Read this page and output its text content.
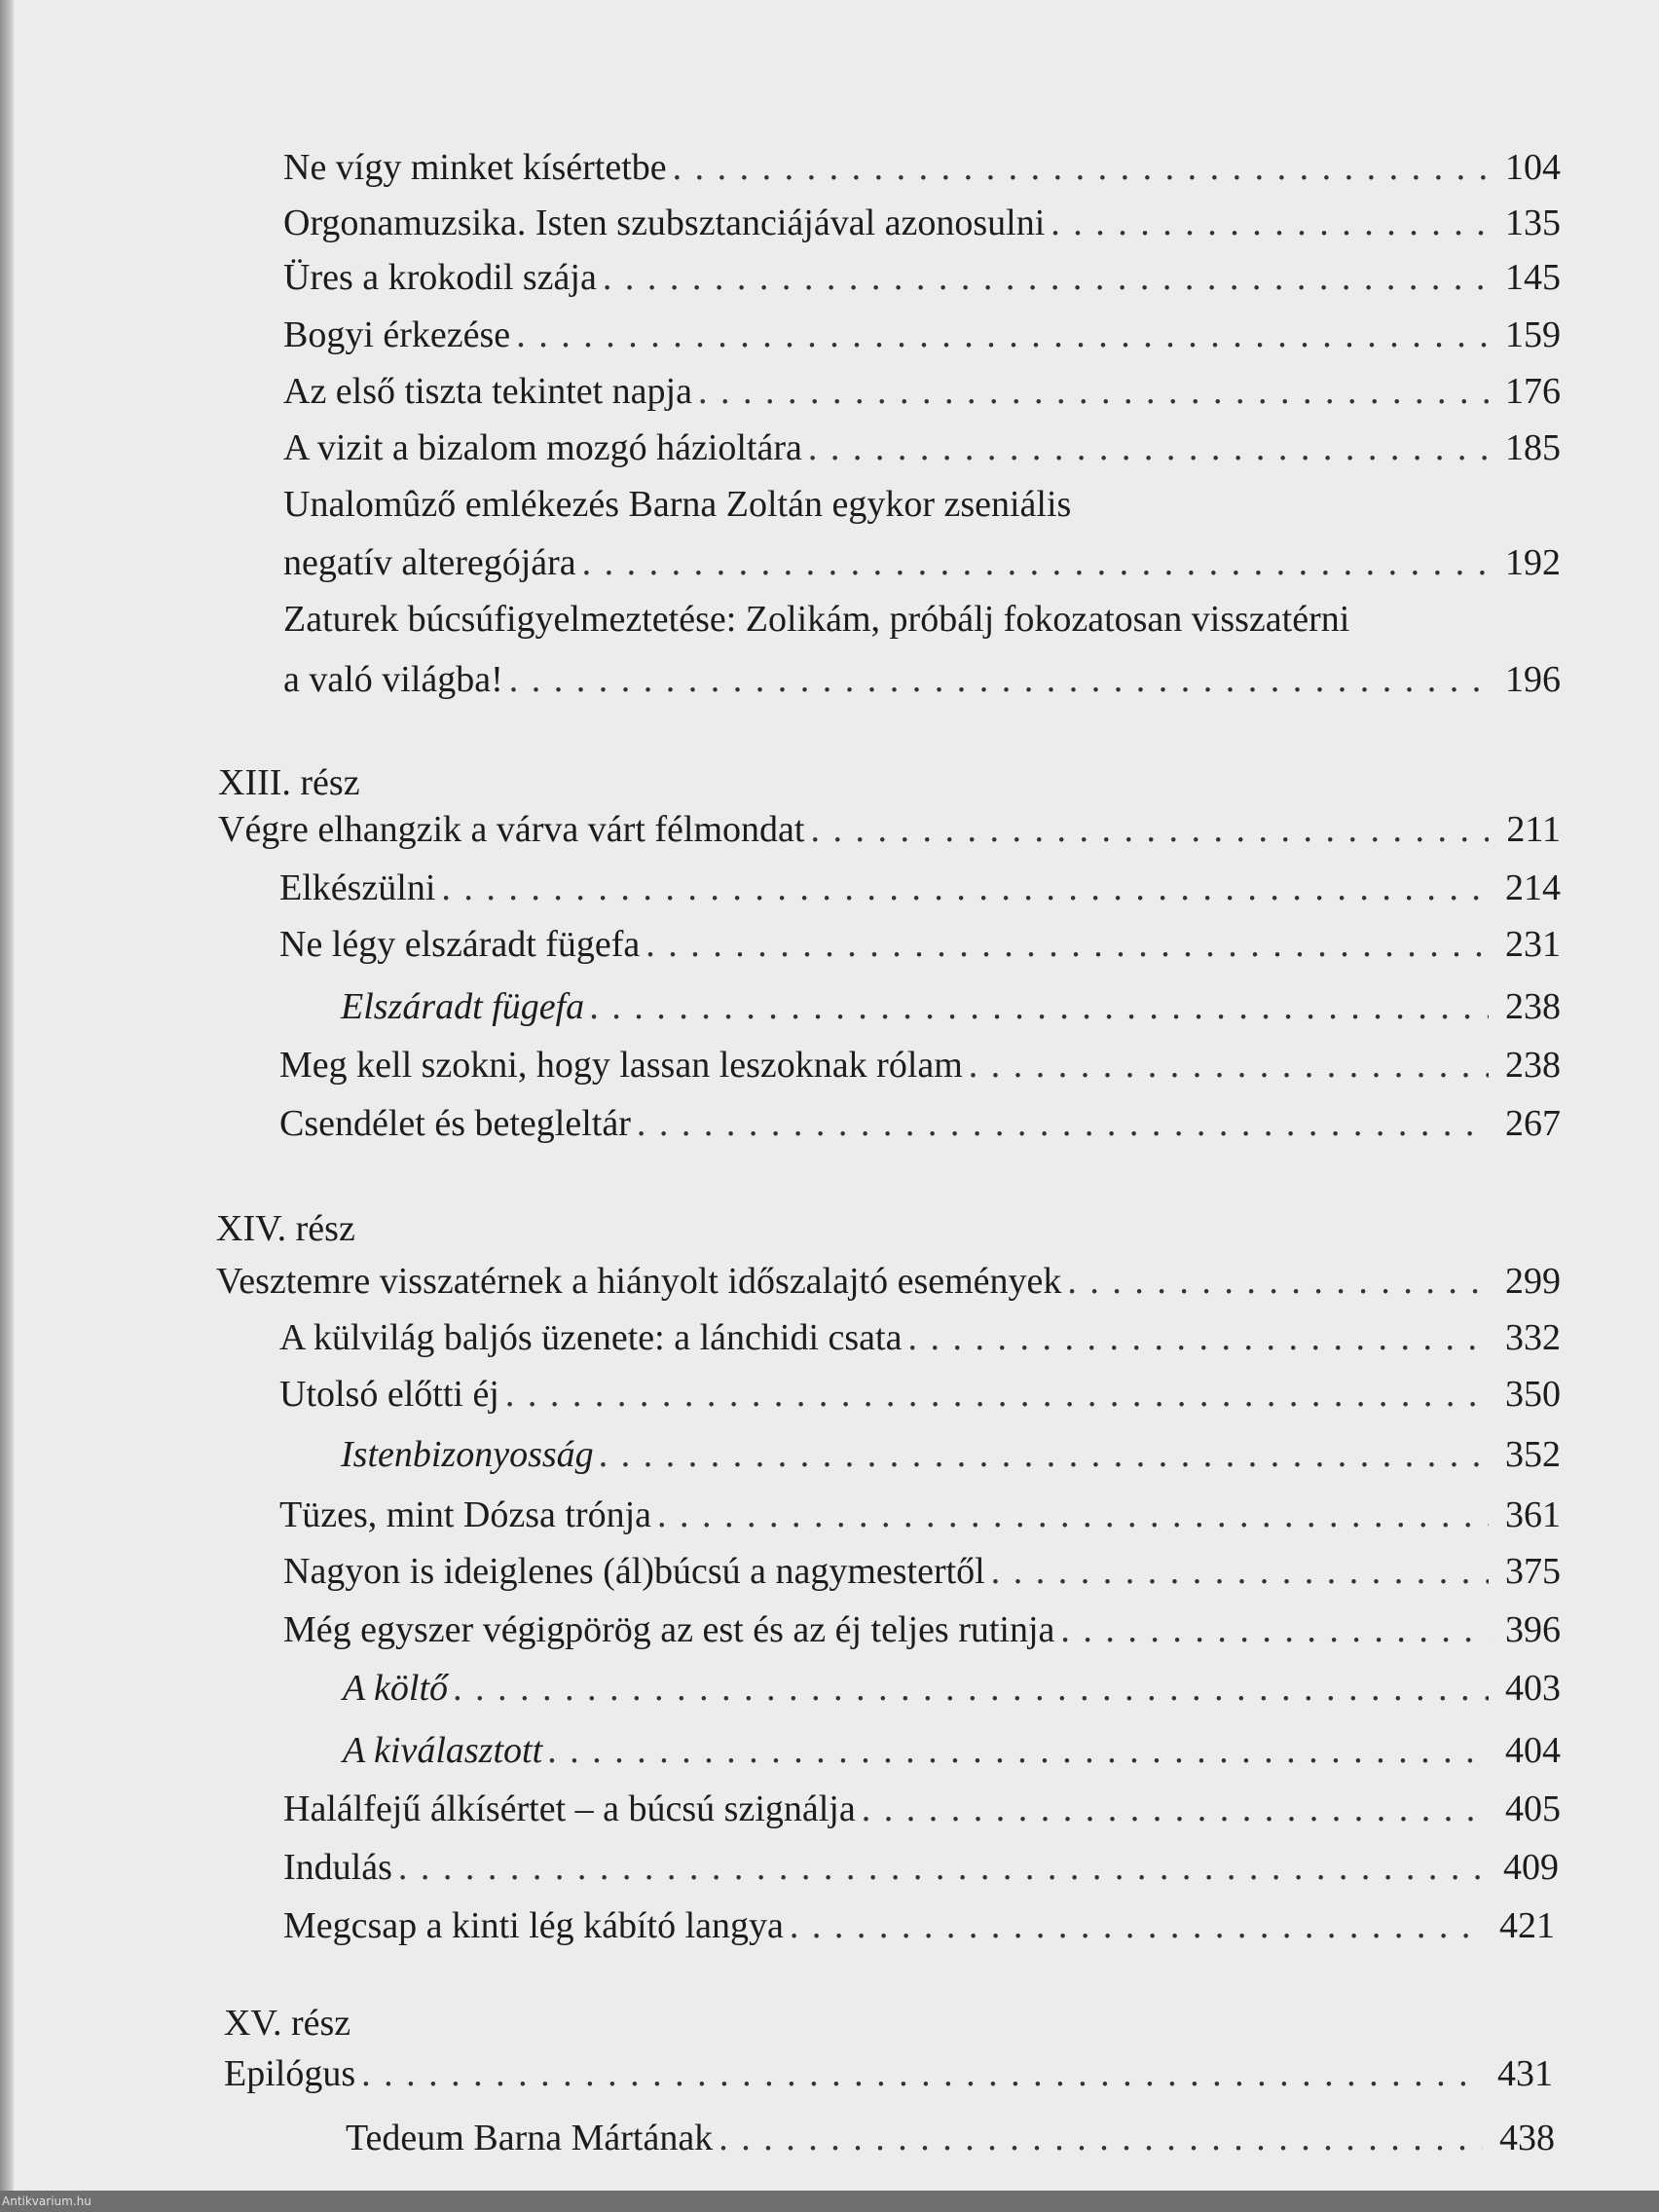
Ne vígy minket kísértetbe . . .	104
Orgonamuzsika. Isten szubsztanciájával azonosulni . . .	135
Üres a krokodil szája . . .	145
Bogyi érkezése . . .	159
Az első tiszta tekintet napja . . .	176
A vizit a bizalom mozgó házioltára . . .	185
Unalomûző emlékezés Barna Zoltán egykor zseniális
negatív alteregójára . . .	192
Zaturek búcsúfigyelmeztetése: Zolikám, próbálj fokozatosan visszatérni
a való világba! . . .	196
XIII. rész
Végre elhangzik a várva várt félmondat . . .	211
Elkészülni . . .	214
Ne légy elszáradt fügefa . . .	231
Elszáradt fügefa . . .	238
Meg kell szokni, hogy lassan leszoknak rólam . . .	238
Csendélet és betegleltár . . .	267
XIV. rész
Vesztemre visszatérnek a hiányolt időszalajtó események . . .	299
A külvilág baljós üzenete: a lánchidi csata . . .	332
Utolsó előtti éj . . .	350
Istenbizonyosság . . .	352
Tüzes, mint Dózsa trónja . . .	361
Nagyon is ideiglenes (ál)búcsú a nagymestertől . . .	375
Még egyszer végigpörög az est és az éj teljes rutinja . . .	396
A költő . . .	403
A kiválasztott . . .	404
Halálfejű álkísértet – a búcsú szignálja . . .	405
Indulás . . .	409
Megcsap a kinti lég kábító langya . . .	421
XV. rész
Epilógus . . .	431
Tedeum Barna Mártának . . .	438
Antikvarium.hu
